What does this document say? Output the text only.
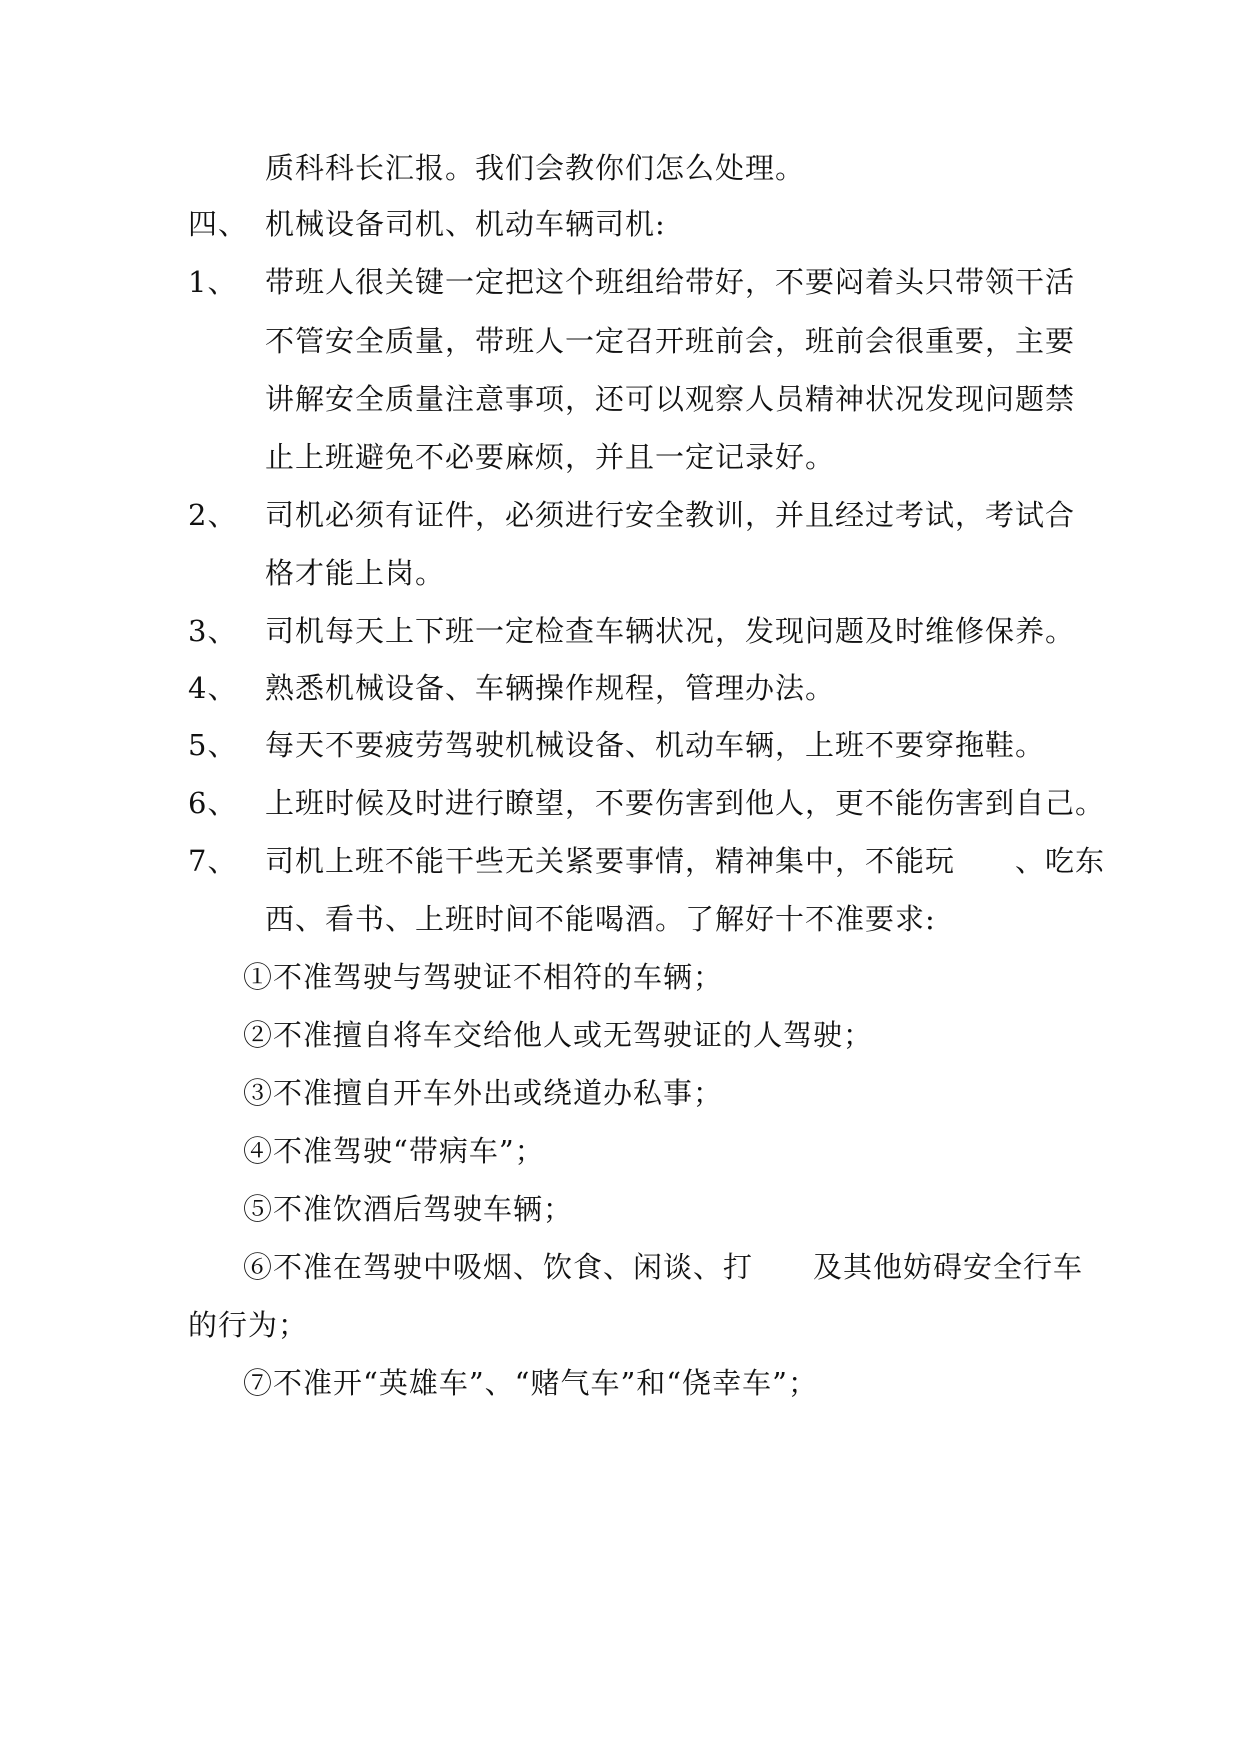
质科科长汇报。我们会教你们怎么处理。
四、 机械设备司机、机动车辆司机:
1、 带班人很关键一定把这个班组给带好，不要闷着头只带领干活
不管安全质量，带班人一定召开班前会，班前会很重要，主要
讲解安全质量注意事项，还可以观察人员精神状况发现问题禁
止上班避免不必要麻烦，并且一定记录好。
2、 司机必须有证件，必须进行安全教训，并且经过考试，考试合
格才能上岗。
3、 司机每天上下班一定检查车辆状况，发现问题及时维修保养。
4、 熟悉机械设备、车辆操作规程，管理办法。
5、 每天不要疲劳驾驶机械设备、机动车辆，上班不要穿拖鞋。
6、 上班时候及时进行瞭望，不要伤害到他人，更不能伤害到自己。
7、 司机上班不能干些无关紧要事情，精神集中，不能玩　　、吃东
西、看书、上班时间不能喝酒。了解好十不准要求:
①不准驾驶与驾驶证不相符的车辆；
②不准擅自将车交给他人或无驾驶证的人驾驶；
③不准擅自开车外出或绕道办私事；
④不准驾驶“带病车”；
⑤不准饮酒后驾驶车辆；
⑥不准在驾驶中吸烟、饮食、闲谈、打　　及其他妨碍安全行车
的行为；
⑦不准开“英雄车”、“赌气车”和“侥幸车”；
